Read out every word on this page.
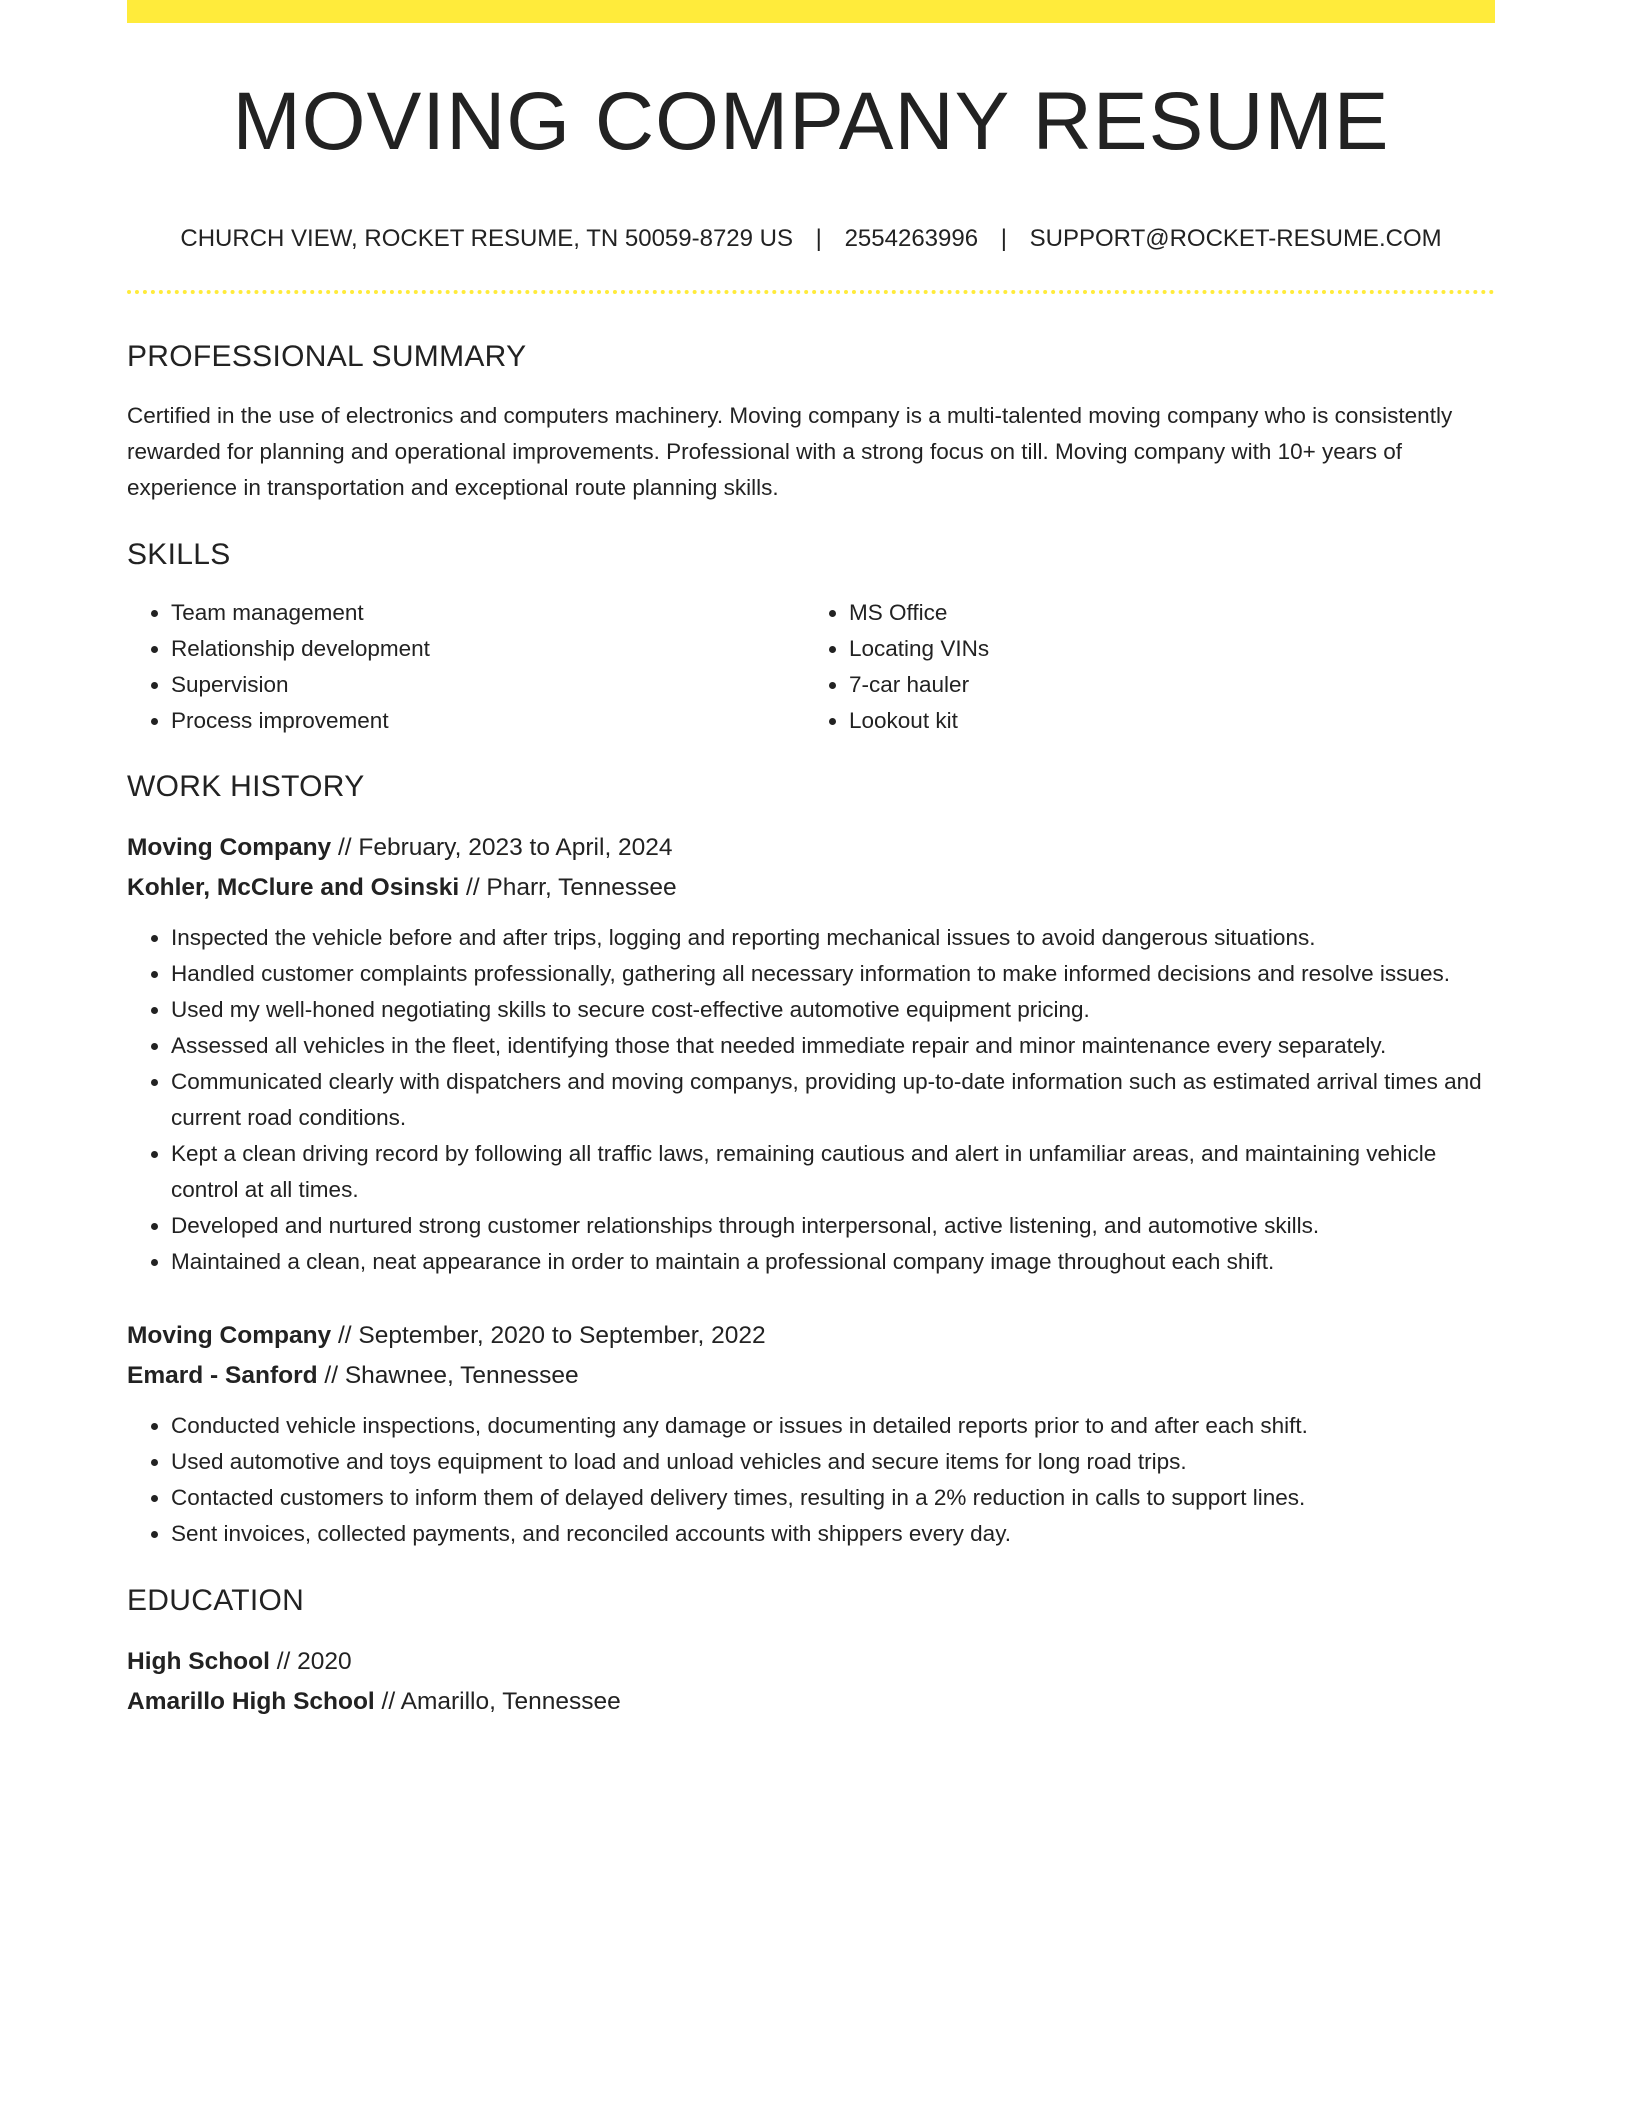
MOVING COMPANY RESUME
CHURCH VIEW, ROCKET RESUME, TN 50059-8729 US | 2554263996 | SUPPORT@ROCKET-RESUME.COM
PROFESSIONAL SUMMARY
Certified in the use of electronics and computers machinery. Moving company is a multi-talented moving company who is consistently rewarded for planning and operational improvements. Professional with a strong focus on till. Moving company with 10+ years of experience in transportation and exceptional route planning skills.
SKILLS
• Team management
• Relationship development
• Supervision
• Process improvement
• MS Office
• Locating VINs
• 7-car hauler
• Lookout kit
WORK HISTORY
Moving Company // February, 2023 to April, 2024
Kohler, McClure and Osinski // Pharr, Tennessee
• Inspected the vehicle before and after trips, logging and reporting mechanical issues to avoid dangerous situations.
• Handled customer complaints professionally, gathering all necessary information to make informed decisions and resolve issues.
• Used my well-honed negotiating skills to secure cost-effective automotive equipment pricing.
• Assessed all vehicles in the fleet, identifying those that needed immediate repair and minor maintenance every separately.
• Communicated clearly with dispatchers and moving companys, providing up-to-date information such as estimated arrival times and current road conditions.
• Kept a clean driving record by following all traffic laws, remaining cautious and alert in unfamiliar areas, and maintaining vehicle control at all times.
• Developed and nurtured strong customer relationships through interpersonal, active listening, and automotive skills.
• Maintained a clean, neat appearance in order to maintain a professional company image throughout each shift.
Moving Company // September, 2020 to September, 2022
Emard - Sanford // Shawnee, Tennessee
• Conducted vehicle inspections, documenting any damage or issues in detailed reports prior to and after each shift.
• Used automotive and toys equipment to load and unload vehicles and secure items for long road trips.
• Contacted customers to inform them of delayed delivery times, resulting in a 2% reduction in calls to support lines.
• Sent invoices, collected payments, and reconciled accounts with shippers every day.
EDUCATION
High School // 2020
Amarillo High School // Amarillo, Tennessee
